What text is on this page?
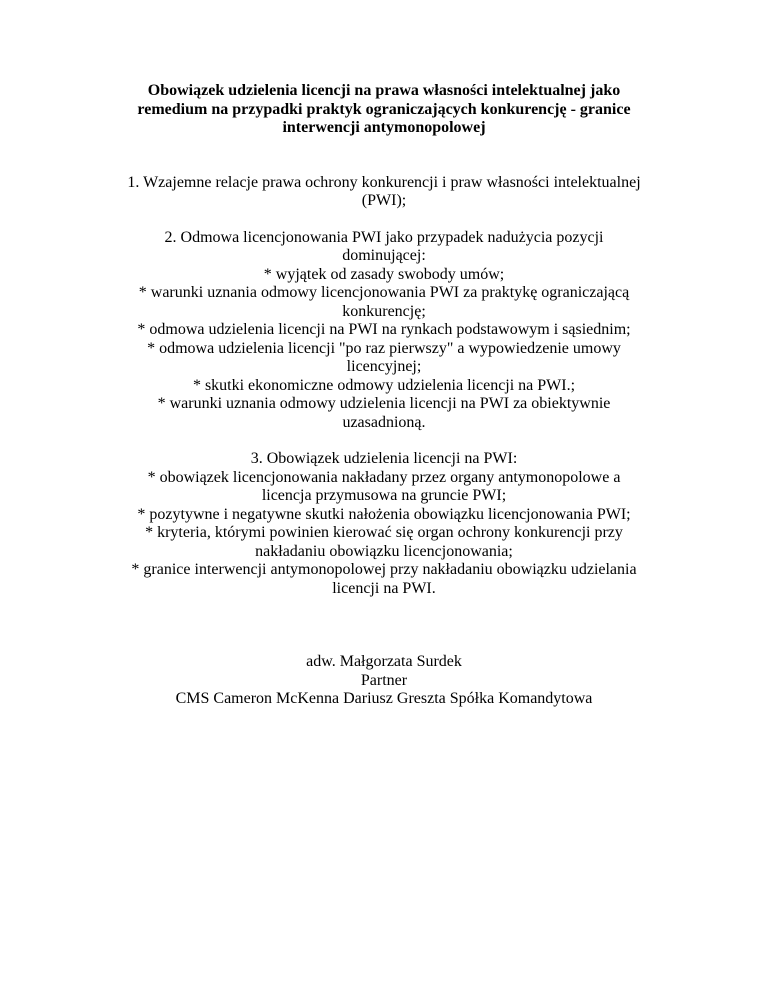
Obowiązek udzielenia licencji na prawa własności intelektualnej jako
remedium na przypadki praktyk ograniczających konkurencję - granice
interwencji antymonopolowej
1. Wzajemne relacje prawa ochrony konkurencji i praw własności intelektualnej
(PWI);
2. Odmowa licencjonowania PWI jako przypadek nadużycia pozycji
dominującej:
* wyjątek od zasady swobody umów;
* warunki uznania odmowy licencjonowania PWI za praktykę ograniczającą
konkurencję;
* odmowa udzielenia licencji na PWI na rynkach podstawowym i sąsiednim;
* odmowa udzielenia licencji "po raz pierwszy" a wypowiedzenie umowy
licencyjnej;
* skutki ekonomiczne odmowy udzielenia licencji na PWI.;
* warunki uznania odmowy udzielenia licencji na PWI za obiektywnie
uzasadnioną.
3. Obowiązek udzielenia licencji na PWI:
* obowiązek licencjonowania nakładany przez organy antymonopolowe a
licencja przymusowa na gruncie PWI;
* pozytywne i negatywne skutki nałożenia obowiązku licencjonowania PWI;
* kryteria, którymi powinien kierować się organ ochrony konkurencji przy
nakładaniu obowiązku licencjonowania;
* granice interwencji antymonopolowej przy nakładaniu obowiązku udzielania
licencji na PWI.
adw. Małgorzata Surdek
Partner
CMS Cameron McKenna Dariusz Greszta Spółka Komandytowa
